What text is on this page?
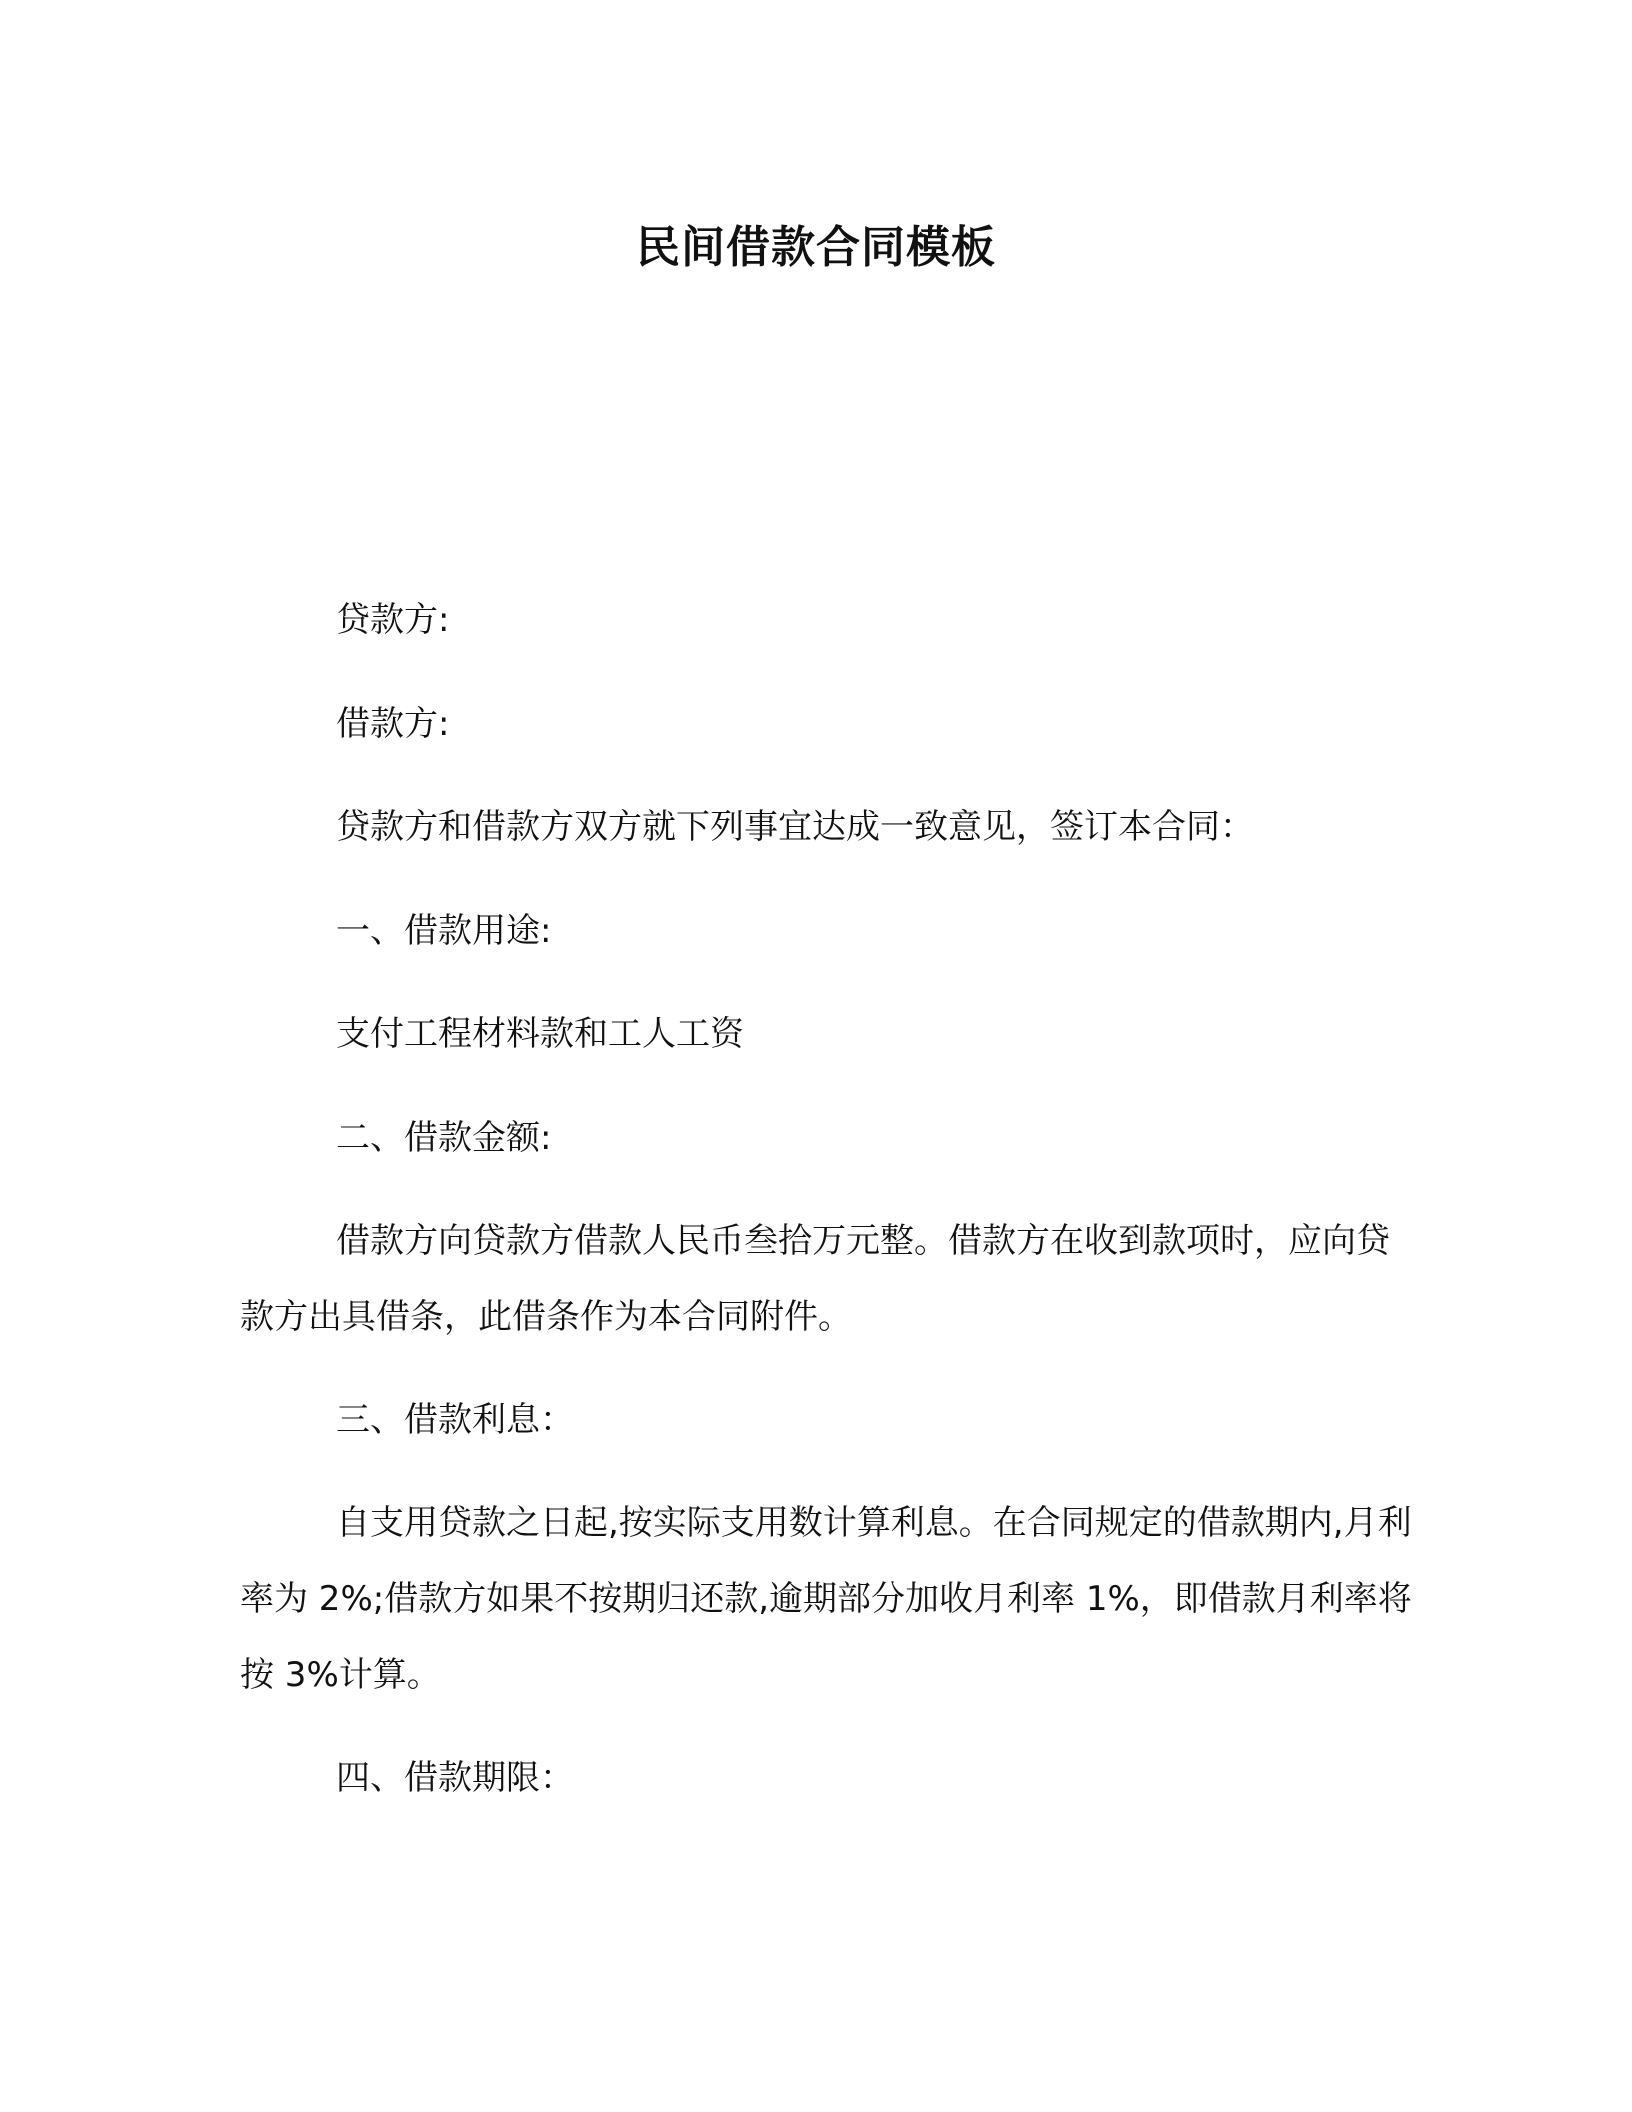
民间借款合同模板
贷款方:
借款方:
贷款方和借款方双方就下列事宜达成一致意见，签订本合同：
一、借款用途:
支付工程材料款和工人工资
二、借款金额:
借款方向贷款方借款人民币叁拾万元整。借款方在收到款项时，应向贷款方出具借条，此借条作为本合同附件。
三、借款利息：
自支用贷款之日起,按实际支用数计算利息。在合同规定的借款期内,月利率为 2%;借款方如果不按期归还款,逾期部分加收月利率 1%，即借款月利率将按 3%计算。
四、借款期限：
